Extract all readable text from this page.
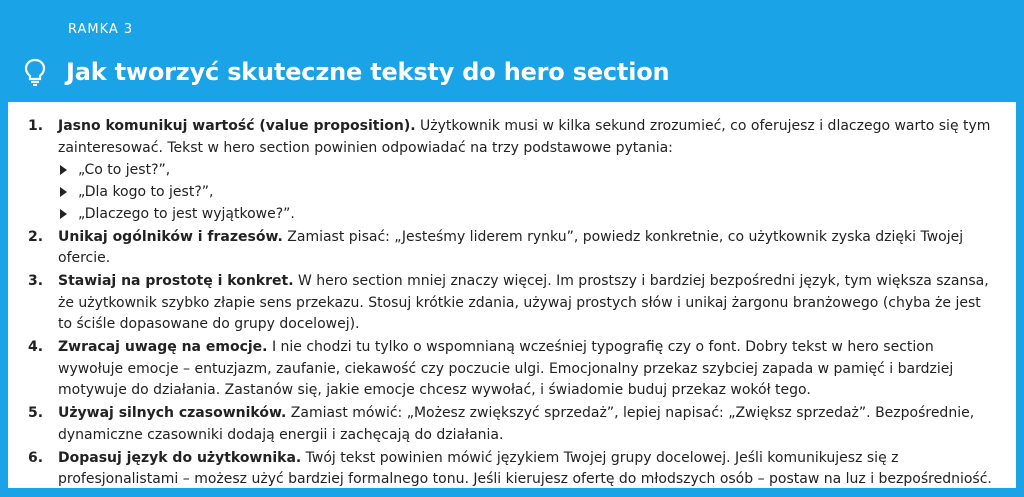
RAMKA 3
Jak tworzyć skuteczne teksty do hero section
1. Jasno komunikuj wartość (value proposition). Użytkownik musi w kilka sekund zrozumieć, co oferujesz i dlaczego warto się tym zainteresować. Tekst w hero section powinien odpowiadać na trzy podstawowe pytania:
„Co to jest?”,
„Dla kogo to jest?”,
„Dlaczego to jest wyjątkowe?”.
2. Unikaj ogólników i frazesów. Zamiast pisać: „Jesteśmy liderem rynku”, powiedz konkretnie, co użytkownik zyska dzięki Twojej ofercie.
3. Stawiaj na prostotę i konkret. W hero section mniej znaczy więcej. Im prostszy i bardziej bezpośredni język, tym większa szansa, że użytkownik szybko złapie sens przekazu. Stosuj krótkie zdania, używaj prostych słów i unikaj żargonu branżowego (chyba że jest to ściśle dopasowane do grupy docelowej).
4. Zwracaj uwagę na emocje. I nie chodzi tu tylko o wspomnianą wcześniej typografię czy o font. Dobry tekst w hero section wywołuje emocje – entuzjazm, zaufanie, ciekawość czy poczucie ulgi. Emocjonalny przekaz szybciej zapada w pamięć i bardziej motywuje do działania. Zastanów się, jakie emocje chcesz wywołać, i świadomie buduj przekaz wokół tego.
5. Używaj silnych czasowników. Zamiast mówić: „Możesz zwiększyć sprzedaż”, lepiej napisać: „Zwiększ sprzedaż”. Bezpośrednie, dynamiczne czasowniki dodają energii i zachęcają do działania.
6. Dopasuj język do użytkownika. Twój tekst powinien mówić językiem Twojej grupy docelowej. Jeśli komunikujesz się z profesjonalistami – możesz użyć bardziej formalnego tonu. Jeśli kierujesz ofertę do młodszych osób – postaw na luz i bezpośredniość.
